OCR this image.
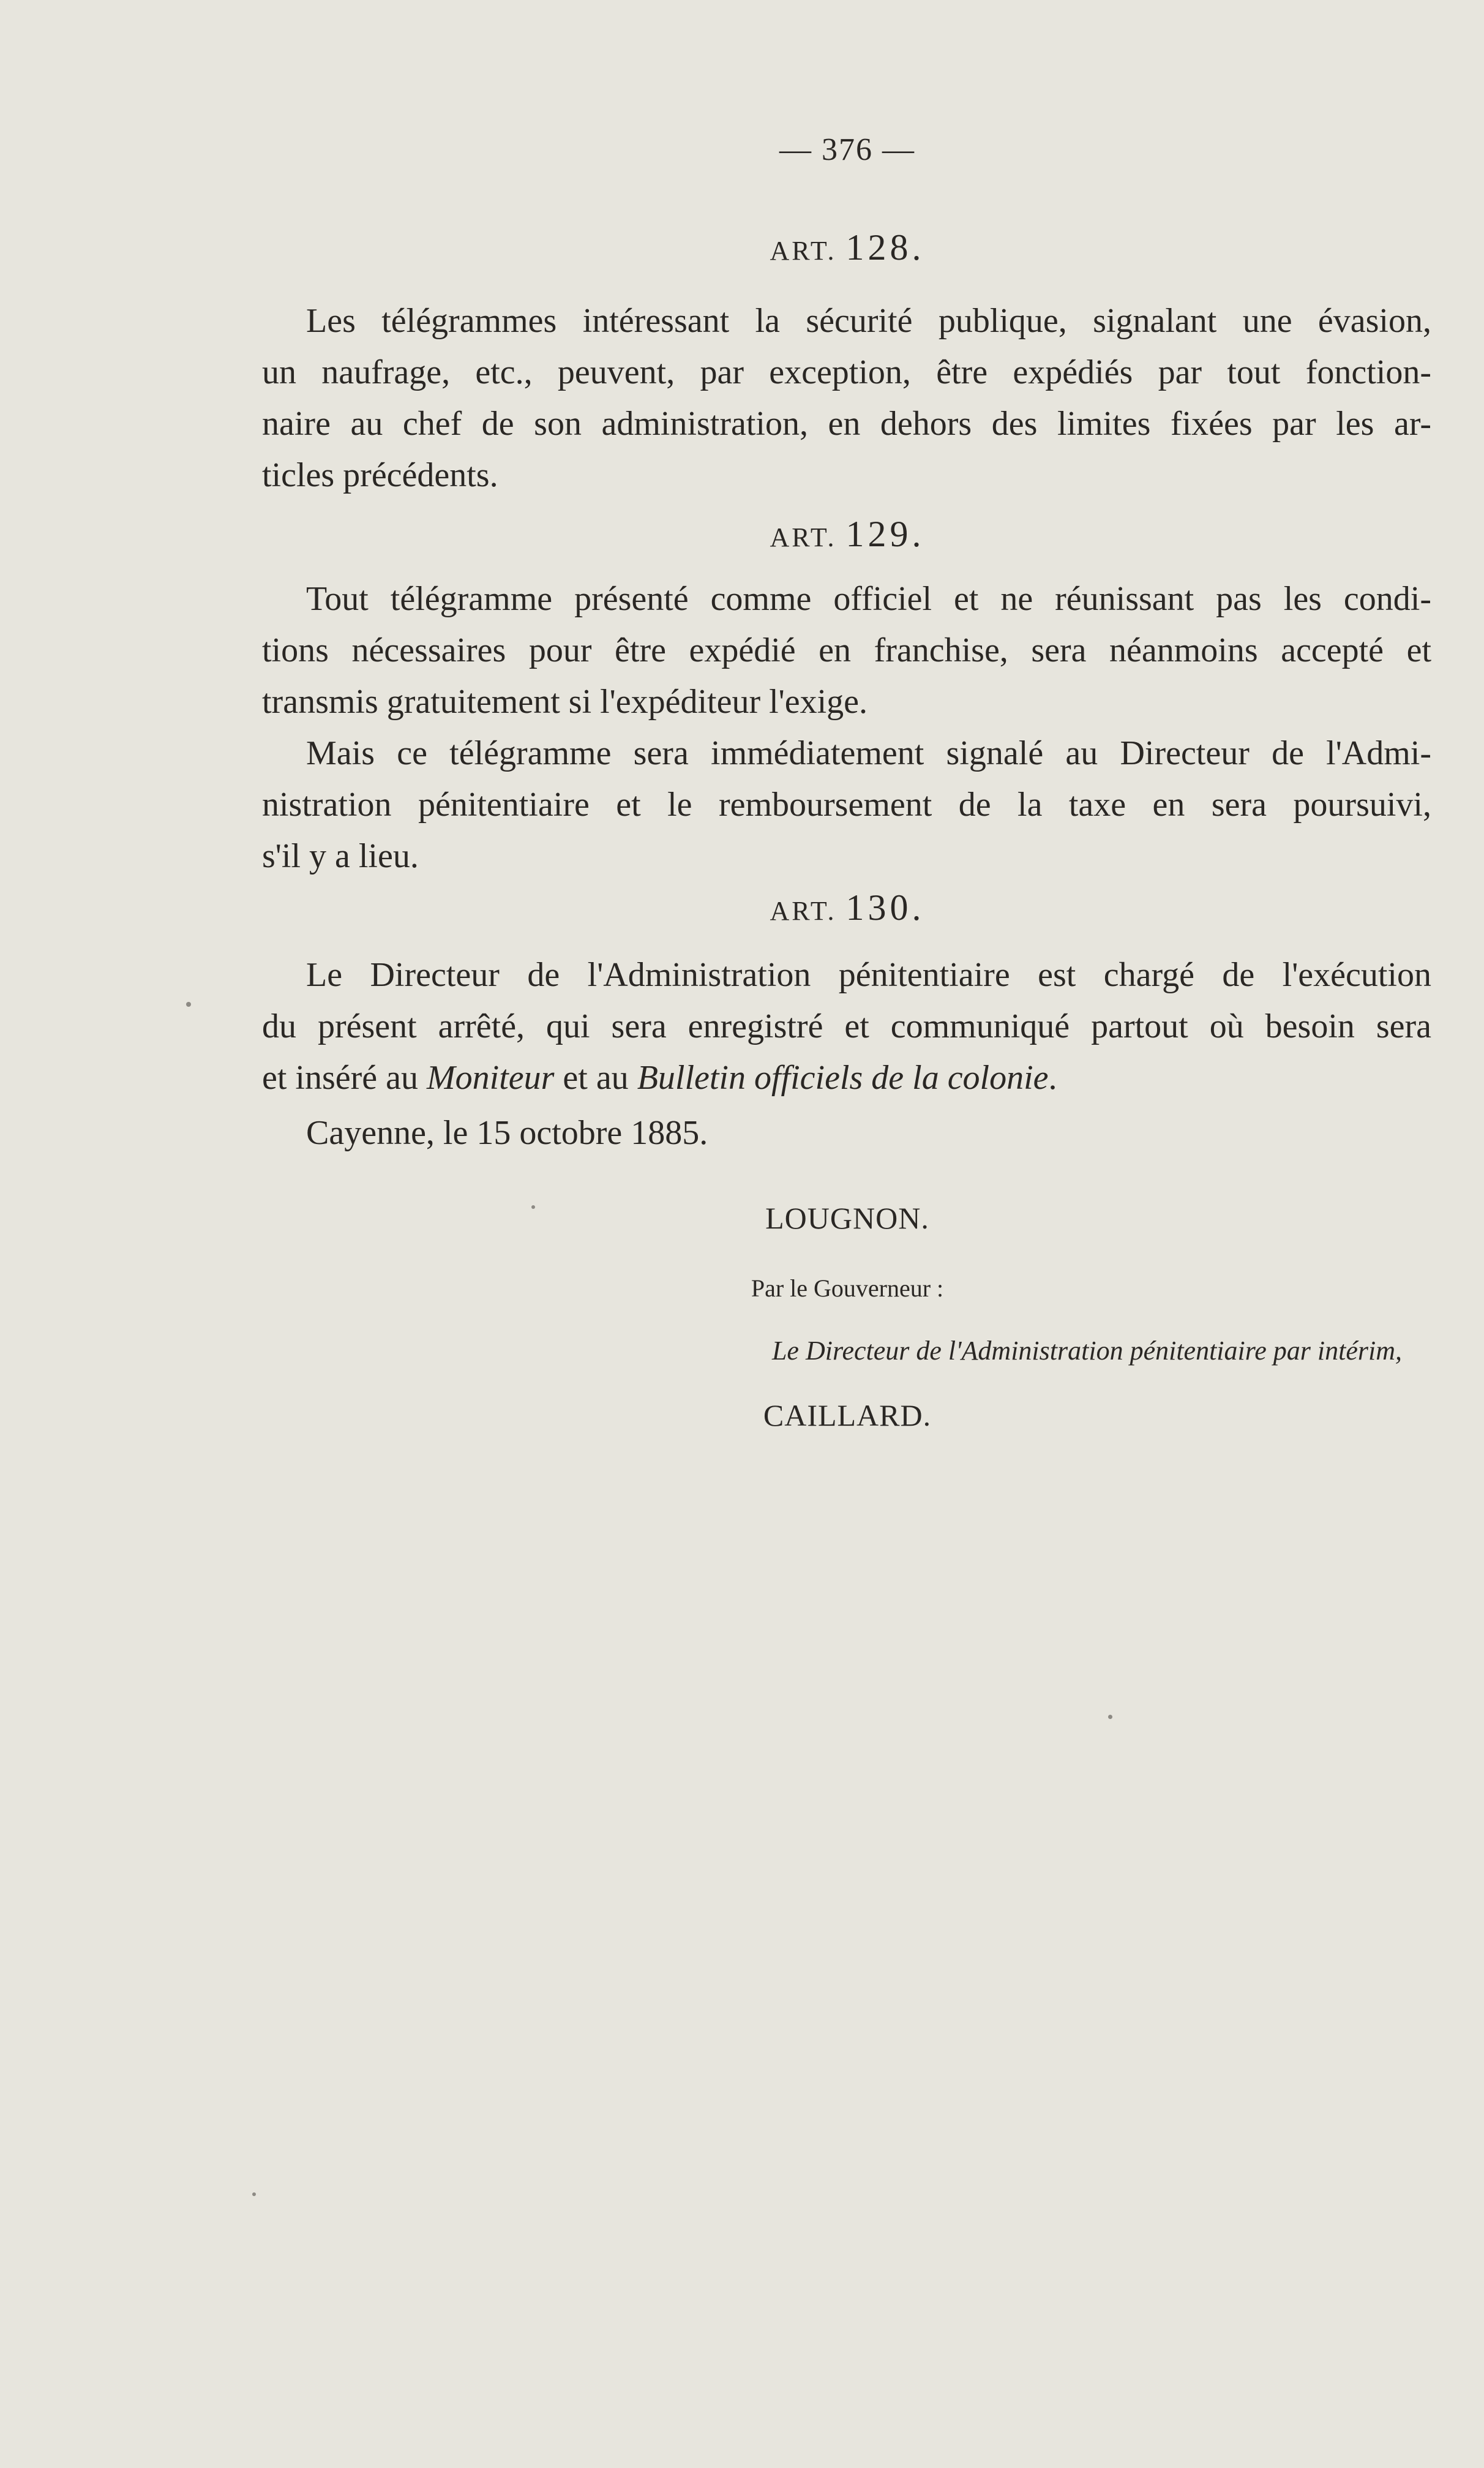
— 376 —
ART. 128.
Les télégrammes intéressant la sécurité publique, signalant une évasion,
un naufrage, etc., peuvent, par exception, être expédiés par tout fonction-
naire au chef de son administration, en dehors des limites fixées par les ar-
ticles précédents.
ART. 129.
Tout télégramme présenté comme officiel et ne réunissant pas les condi-
tions nécessaires pour être expédié en franchise, sera néanmoins accepté et
transmis gratuitement si l'expéditeur l'exige.
Mais ce télégramme sera immédiatement signalé au Directeur de l'Admi-
nistration pénitentiaire et le remboursement de la taxe en sera poursuivi,
s'il y a lieu.
ART. 130.
Le Directeur de l'Administration pénitentiaire est chargé de l'exécution
du présent arrêté, qui sera enregistré et communiqué partout où besoin sera
et inséré au Moniteur et au Bulletin officiels de la colonie.
Cayenne, le 15 octobre 1885.
LOUGNON.
Par le Gouverneur :
Le Directeur de l'Administration pénitentiaire par intérim,
CAILLARD.
